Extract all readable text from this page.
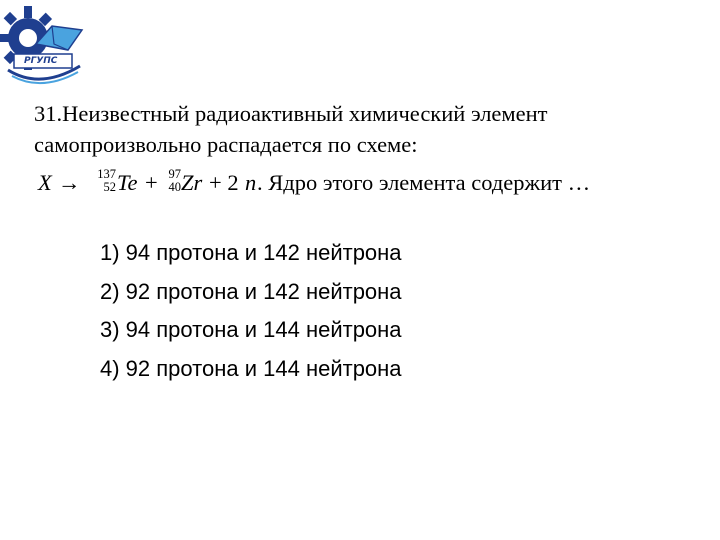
РГУПС
31.Неизвестный радиоактивный химический элемент
самопроизвольно распадается по схеме:
X →	137
52 Te + 97
40 Zr + 2 n . Ядро этого элемента содержит …
1) 94 протона и 142 нейтрона
2) 92 протона и 142 нейтрона
3) 94 протона и 144 нейтрона
4) 92 протона и 144 нейтрона
